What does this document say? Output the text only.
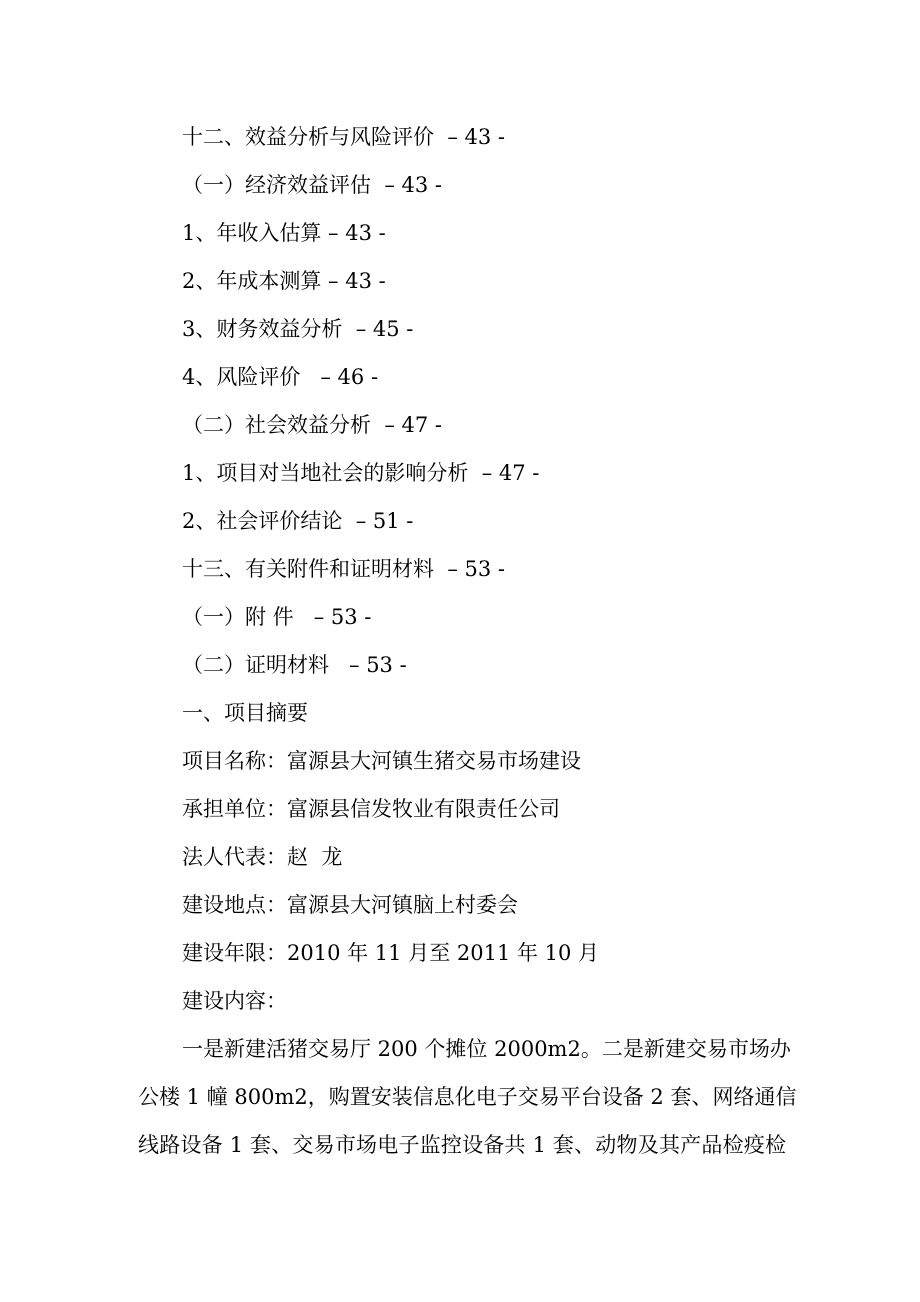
十二、效益分析与风险评价  – 43 -
（一）经济效益评估  – 43 -
1、年收入估算 – 43 -
2、年成本测算 – 43 -
3、财务效益分析  – 45 -
4、风险评价   – 46 -
（二）社会效益分析  – 47 -
1、项目对当地社会的影响分析  – 47 -
2、社会评价结论  – 51 -
十三、有关附件和证明材料  – 53 -
（一）附 件   – 53 -
（二）证明材料   – 53 -
一、项目摘要
项目名称：富源县大河镇生猪交易市场建设
承担单位：富源县信发牧业有限责任公司
法人代表：赵  龙
建设地点：富源县大河镇脑上村委会
建设年限：2010 年 11 月至 2011 年 10 月
建设内容：
一是新建活猪交易厅 200 个摊位 2000m2。二是新建交易市场办
公楼 1 幢 800m2，购置安装信息化电子交易平台设备 2 套、网络通信
线路设备 1 套、交易市场电子监控设备共 1 套、动物及其产品检疫检
